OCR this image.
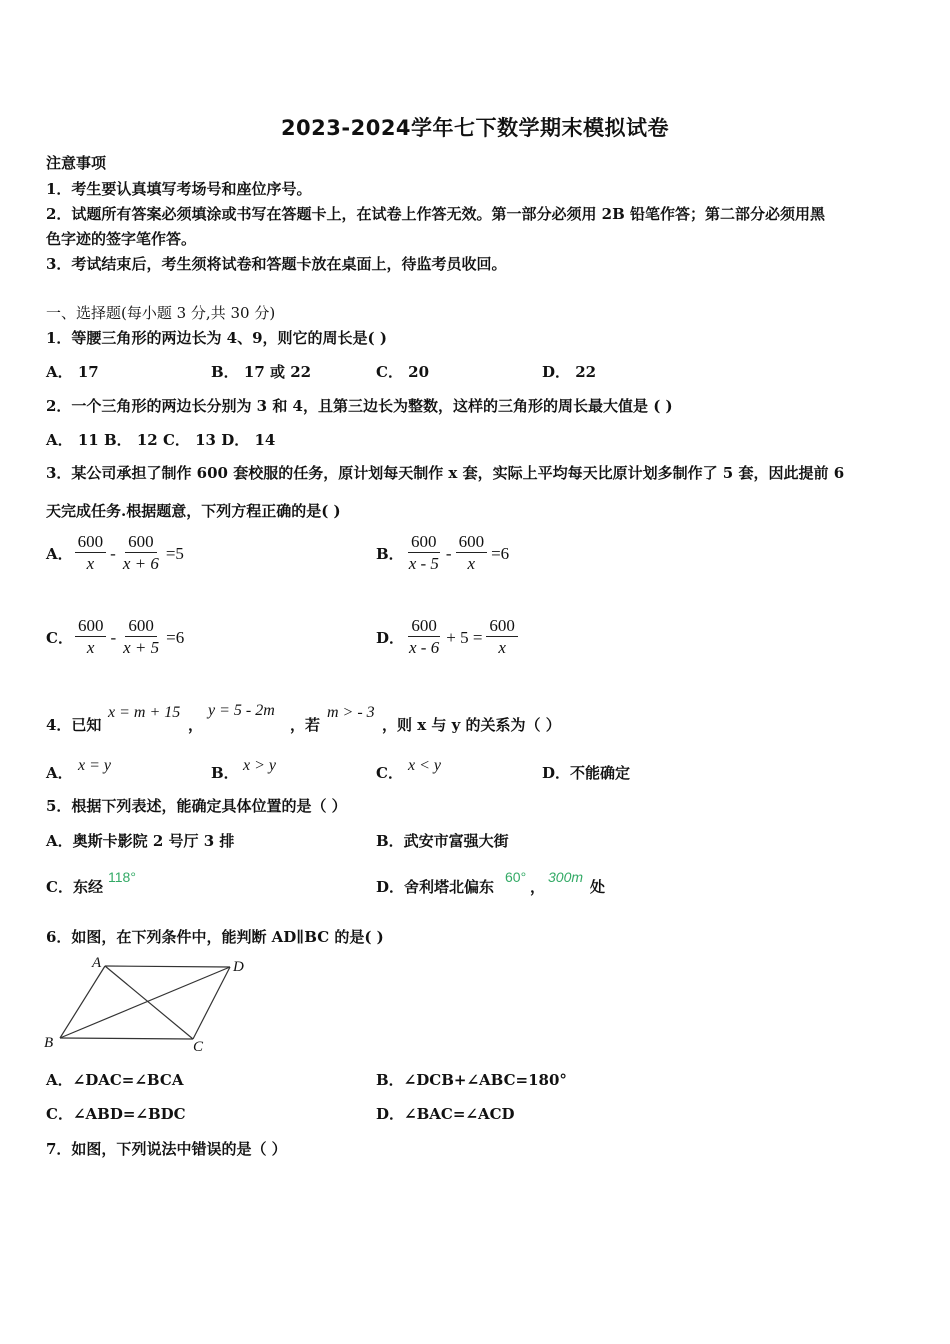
2023-2024学年七下数学期末模拟试卷
注意事项
1．考生要认真填写考场号和座位序号。
2．试题所有答案必须填涂或书写在答题卡上，在试卷上作答无效。第一部分必须用 2B 铅笔作答；第二部分必须用黑
色字迹的签字笔作答。
3．考试结束后，考生须将试卷和答题卡放在桌面上，待监考员收回。
一、选择题(每小题 3 分,共 30 分)
1．等腰三角形的两边长为 4、9，则它的周长是( )
A． 17	B． 17 或 22	C． 20	D． 22
2．一个三角形的两边长分别为 3 和 4，且第三边长为整数，这样的三角形的周长最大值是 ( )
A． 11 B． 12 C． 13 D． 14
3．某公司承担了制作 600 套校服的任务，原计划每天制作 x 套，实际上平均每天比原计划多制作了 5 套，因此提前 6
天完成任务.根据题意，下列方程正确的是( )
A． $\frac{600}{x} - \frac{600}{x + 6} =5$	B． $\frac{600}{x - 5} - \frac{600}{x} =6$
C． $\frac{600}{x} - \frac{600}{x + 5} =6$	D． $\frac{600}{x - 6} + 5 = \frac{600}{x}$
4．已知
x = m + 15
，
y = 5 - 2m
，若
m > - 3
，则 x 与 y 的关系为（ ）
A． x = y	B． x > y	C． x < y	D．不能确定
5．根据下列表述，能确定具体位置的是（ ）
A．奥斯卡影院 2 号厅 3 排	B．武安市富强大街
C．东经
118°
D．舍利塔北偏东
60°
，
300m
处
6．如图，在下列条件中，能判断 AD∥BC 的是( )
A	D
B	C
A．∠DAC=∠BCA	B．∠DCB+∠ABC=180°
C．∠ABD=∠BDC	D．∠BAC=∠ACD
7．如图，下列说法中错误的是（ ）
